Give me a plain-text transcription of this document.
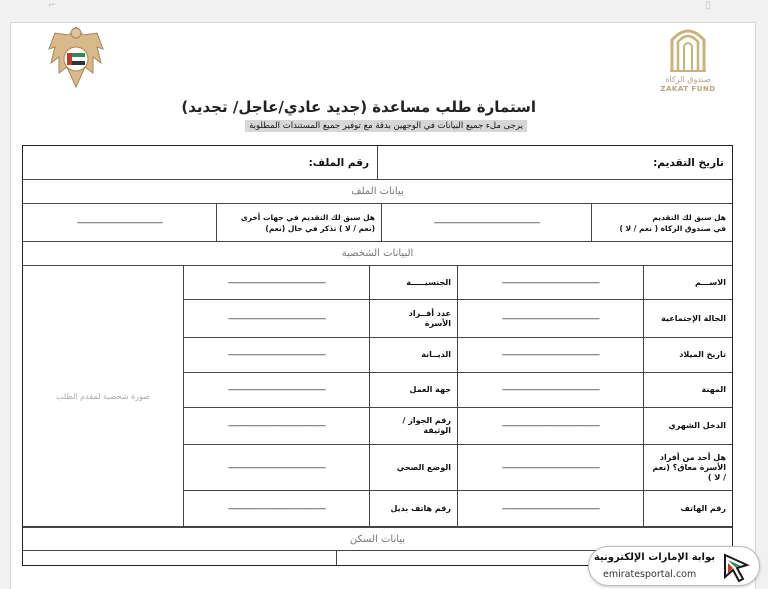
⌐	▯
صندوق الزكاة
ZAKAT FUND
استمارة طلب مساعدة (جديد عادي/عاجل/ تجديد)
يرجى ملء جميع البيانات في الوجهين بدقة مع توفير جميع المستندات المطلوبة
تاريخ التقديم:
رقم الملف:
بيانات الملف
هل سبق لك التقديم
في صندوق الزكاة ( نعم / لا )
-----------------------------------------------
هل سبق لك التقديم في جهات أخرى
(نعم / لا ) تذكر في حال (نعم)
--------------------------------------
البيانات الشخصية
الاســـم
-----------------------------------------------
الجنسيـــــة
-----------------------------------------------
الحالة الإجتماعية
-----------------------------------------------
عدد أفــراد
الأسرة
-----------------------------------------------
تاريخ الميلاد
-----------------------------------------------
الديــانة
-----------------------------------------------
المهنة
-----------------------------------------------
جهة العمل
-----------------------------------------------
الدخل الشهري
-----------------------------------------------
رقم الجواز /
الوثيقة
-----------------------------------------------
هل أحد من أفراد
الأسرة معاق؟ (نعم
/ لا )
-----------------------------------------------
الوضع الصحي
-----------------------------------------------
رقم الهاتف
-----------------------------------------------
رقم هاتف بديل
-----------------------------------------------
صورة شخصية لمقدم الطلب
بيانات السكن
بوابة الإمارات الإلكترونية
emiratesportal.com
